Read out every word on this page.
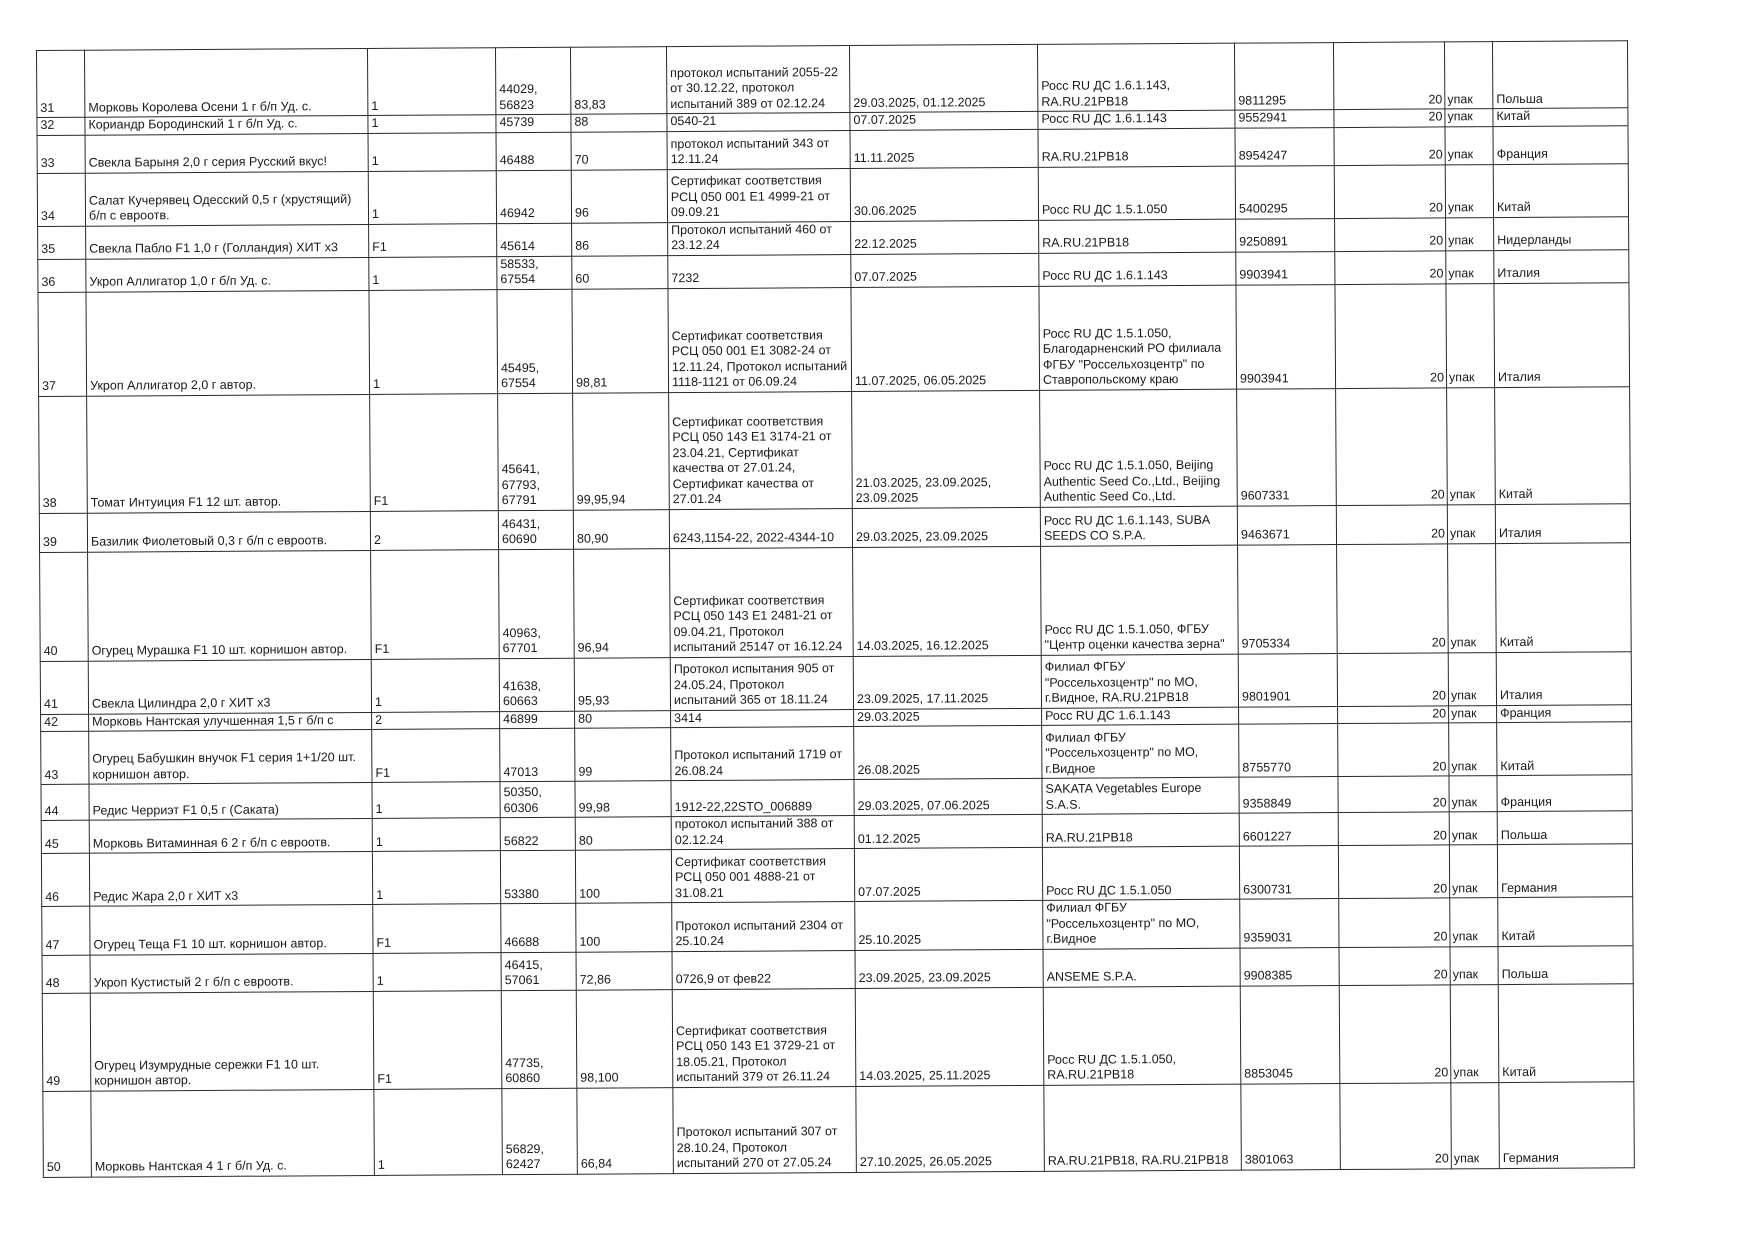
31	Морковь Королева Осени 1 г б/п Уд. с.	1	44029, 56823	83,83	протокол испытаний 2055-22 от 30.12.22, протокол испытаний 389 от 02.12.24	29.03.2025, 01.12.2025	Росс RU ДС 1.6.1.143, RA.RU.21PB18	9811295	20	упак	Польша
32	Кориандр Бородинский 1 г б/п Уд. с.	1	45739	88	0540-21	07.07.2025	Росс RU ДС 1.6.1.143	9552941	20	упак	Китай
33	Свекла Барыня 2,0 г серия Русский вкус!	1	46488	70	протокол испытаний 343 от 12.11.24	11.11.2025	RA.RU.21PB18	8954247	20	упак	Франция
34	Салат Кучерявец Одесский 0,5 г (хрустящий) б/п с евроотв.	1	46942	96	Сертификат соответствия РСЦ 050 001 Е1 4999-21 от 09.09.21	30.06.2025	Росс RU ДС 1.5.1.050	5400295	20	упак	Китай
35	Свекла Пабло F1 1,0 г (Голландия) ХИТ х3	F1	45614	86	Протокол испытаний 460 от 23.12.24	22.12.2025	RA.RU.21PB18	9250891	20	упак	Нидерланды
36	Укроп Аллигатор 1,0 г б/п Уд. с.	1	58533, 67554	60	7232	07.07.2025	Росс RU ДС 1.6.1.143	9903941	20	упак	Италия
37	Укроп Аллигатор 2,0 г автор.	1	45495, 67554	98,81	Сертификат соответствия РСЦ 050 001 Е1 3082-24 от 12.11.24, Протокол испытаний 1118-1121 от 06.09.24	11.07.2025, 06.05.2025	Росс RU ДС 1.5.1.050, Благодарненский РО филиала ФГБУ "Россельхозцентр" по Ставропольскому краю	9903941	20	упак	Италия
38	Томат Интуиция F1 12 шт. автор.	F1	45641, 67793, 67791	99,95,94	Сертификат соответствия РСЦ 050 143 Е1 3174-21 от 23.04.21, Сертификат качества от 27.01.24, Сертификат качества от 27.01.24	21.03.2025, 23.09.2025, 23.09.2025	Росс RU ДС 1.5.1.050, Beijing Authentic Seed Co.,Ltd., Beijing Authentic Seed Co.,Ltd.	9607331	20	упак	Китай
39	Базилик Фиолетовый 0,3 г б/п с евроотв.	2	46431, 60690	80,90	6243,1154-22, 2022-4344-10	29.03.2025, 23.09.2025	Росс RU ДС 1.6.1.143, SUBA SEEDS CO S.P.A.	9463671	20	упак	Италия
40	Огурец Мурашка F1 10 шт. корнишон автор.	F1	40963, 67701	96,94	Сертификат соответствия РСЦ 050 143 Е1 2481-21 от 09.04.21, Протокол испытаний 25147 от 16.12.24	14.03.2025, 16.12.2025	Росс RU ДС 1.5.1.050, ФГБУ "Центр оценки качества зерна"	9705334	20	упак	Китай
41	Свекла Цилиндра 2,0 г ХИТ х3	1	41638, 60663	95,93	Протокол испытания 905 от 24.05.24, Протокол испытаний 365 от 18.11.24	23.09.2025, 17.11.2025	Филиал ФГБУ "Россельхозцентр" по МО, г.Видное, RA.RU.21PB18	9801901	20	упак	Италия
42	Морковь Нантская улучшенная 1,5 г б/п с	2	46899	80	3414	29.03.2025	Росс RU ДС 1.6.1.143		20	упак	Франция
43	Огурец Бабушкин внучок F1 серия 1+1/20 шт. корнишон автор.	F1	47013	99	Протокол испытаний 1719 от 26.08.24	26.08.2025	Филиал ФГБУ "Россельхозцентр" по МО, г.Видное	8755770	20	упак	Китай
44	Редис Черриэт F1 0,5 г (Саката)	1	50350, 60306	99,98	1912-22,22STO_006889	29.03.2025, 07.06.2025	SAKATA Vegetables Europe S.A.S.	9358849	20	упак	Франция
45	Морковь Витаминная 6 2 г б/п с евроотв.	1	56822	80	протокол испытаний 388 от 02.12.24	01.12.2025	RA.RU.21PB18	6601227	20	упак	Польша
46	Редис Жара 2,0 г ХИТ х3	1	53380	100	Сертификат соответствия РСЦ 050 001 4888-21 от 31.08.21	07.07.2025	Росс RU ДС 1.5.1.050	6300731	20	упак	Германия
47	Огурец Теща F1 10 шт. корнишон автор.	F1	46688	100	Протокол испытаний 2304 от 25.10.24	25.10.2025	Филиал ФГБУ "Россельхозцентр" по МО, г.Видное	9359031	20	упак	Китай
48	Укроп Кустистый 2 г б/п с евроотв.	1	46415, 57061	72,86	0726,9 от фев22	23.09.2025, 23.09.2025	ANSEME S.P.A.	9908385	20	упак	Польша
49	Огурец Изумрудные сережки F1 10 шт. корнишон автор.	F1	47735, 60860	98,100	Сертификат соответствия РСЦ 050 143 Е1 3729-21 от 18.05.21, Протокол испытаний 379 от 26.11.24	14.03.2025, 25.11.2025	Росс RU ДС 1.5.1.050, RA.RU.21PB18	8853045	20	упак	Китай
50	Морковь Нантская 4 1 г б/п Уд. с.	1	56829, 62427	66,84	Протокол испытаний 307 от 28.10.24, Протокол испытаний 270 от 27.05.24	27.10.2025, 26.05.2025	RA.RU.21PB18, RA.RU.21PB18	3801063	20	упак	Германия
